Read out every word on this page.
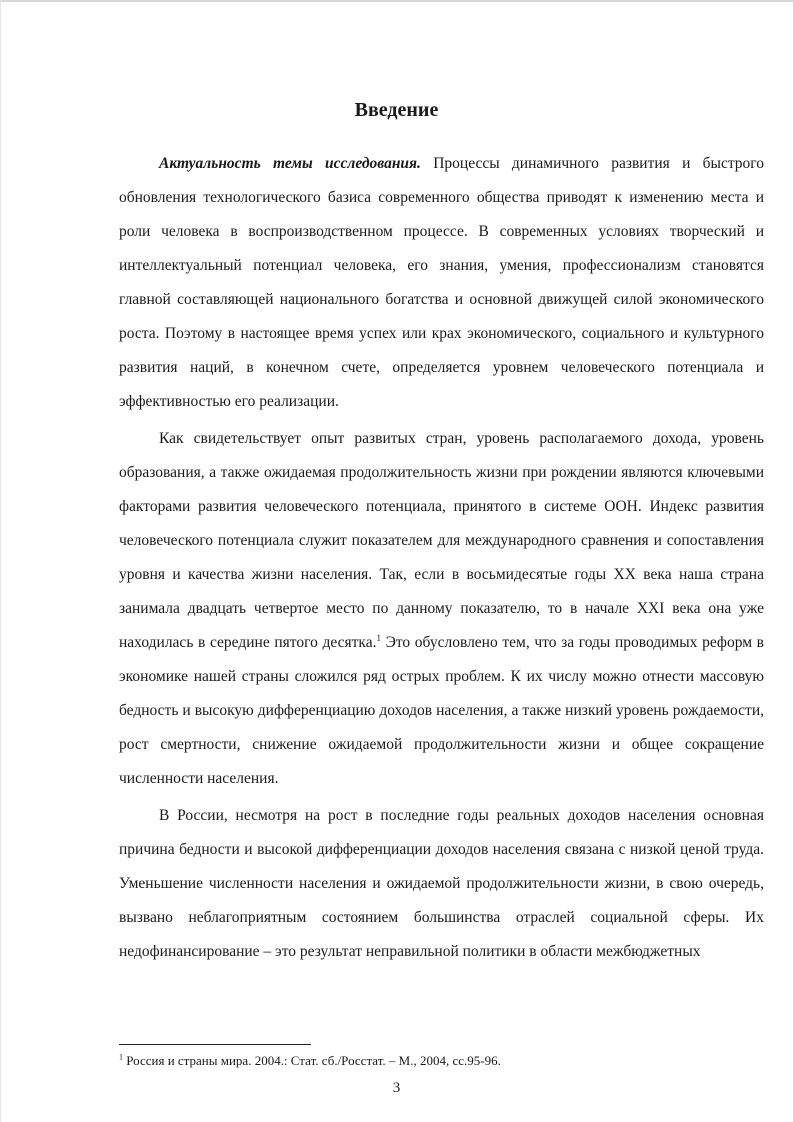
Введение

Актуальность темы исследования. Процессы динамичного развития и быстрого обновления технологического базиса современного общества приводят к изменению места и роли человека в воспроизводственном процессе. В современных условиях творческий и интеллектуальный потенциал человека, его знания, умения, профессионализм становятся главной составляющей национального богатства и основной движущей силой экономического роста. Поэтому в настоящее время успех или крах экономического, социального и культурного развития наций, в конечном счете, определяется уровнем человеческого потенциала и эффективностью его реализации.

Как свидетельствует опыт развитых стран, уровень располагаемого дохода, уровень образования, а также ожидаемая продолжительность жизни при рождении являются ключевыми факторами развития человеческого потенциала, принятого в системе ООН. Индекс развития человеческого потенциала служит показателем для международного сравнения и сопоставления уровня и качества жизни населения. Так, если в восьмидесятые годы XX века наша страна занимала двадцать четвертое место по данному показателю, то в начале XXI века она уже находилась в середине пятого десятка.$^1$ Это обусловлено тем, что за годы проводимых реформ в экономике нашей страны сложился ряд острых проблем. К их числу можно отнести массовую бедность и высокую дифференциацию доходов населения, а также низкий уровень рождаемости, рост смертности, снижение ожидаемой продолжительности жизни и общее сокращение численности населения.

В России, несмотря на рост в последние годы реальных доходов населения основная причина бедности и высокой дифференциации доходов населения связана с низкой ценой труда. Уменьшение численности населения и ожидаемой продолжительности жизни, в свою очередь, вызвано неблагоприятным состоянием большинства отраслей социальной сферы. Их недофинансирование – это результат неправильной политики в области межбюджетных

$^1$ Россия и страны мира. 2004.: Стат. сб./Росстат. – М., 2004, сс.95-96.
3
